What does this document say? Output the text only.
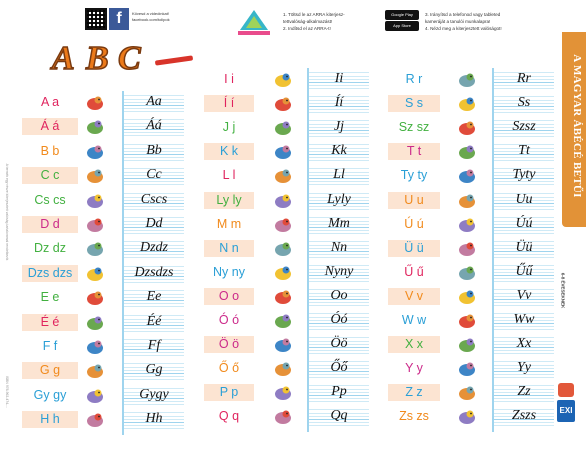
f	Kövesd a videóinkat!
facebook.com/tolipok
1. Töltsd le az ARRA kiterjesz-
tettvalóság-alkalmazást!
2. Indítsd el az ARRA-t!
Google Play
App Store
3. Irányítsd a telefonod vagy tableted
kameráját a tanulói munkalapra!
4. Nézd meg a kiterjesztett valóságot!
A termék egy része kiterjesztett valóság-tartalommal rendelkezik
ISBN 978-963-474-...
A MAGYAR ÁBÉCÉ BETŰI
6-8 ÉVESEKNEK
EXI
A B C
A a	Aa
Á á	Áá
B b	Bb
C c	Cc
Cs cs	Cscs
D d	Dd
Dz dz	Dzdz
Dzs dzs	Dzsdzs
E e	Ee
É é	Éé
F f	Ff
G g	Gg
Gy gy	Gygy
H h	Hh
I i	Ii
Í í	Íí
J j	Jj
K k	Kk
L l	Ll
Ly ly	Lyly
M m	Mm
N n	Nn
Ny ny	Nyny
O o	Oo
Ó ó	Óó
Ö ö	Öö
Ő ő	Őő
P p	Pp
Q q	Qq
R r	Rr
S s	Ss
Sz sz	Szsz
T t	Tt
Ty ty	Tyty
U u	Uu
Ú ú	Úú
Ü ü	Üü
Ű ű	Űű
V v	Vv
W w	Ww
X x	Xx
Y y	Yy
Z z	Zz
Zs zs	Zszs
